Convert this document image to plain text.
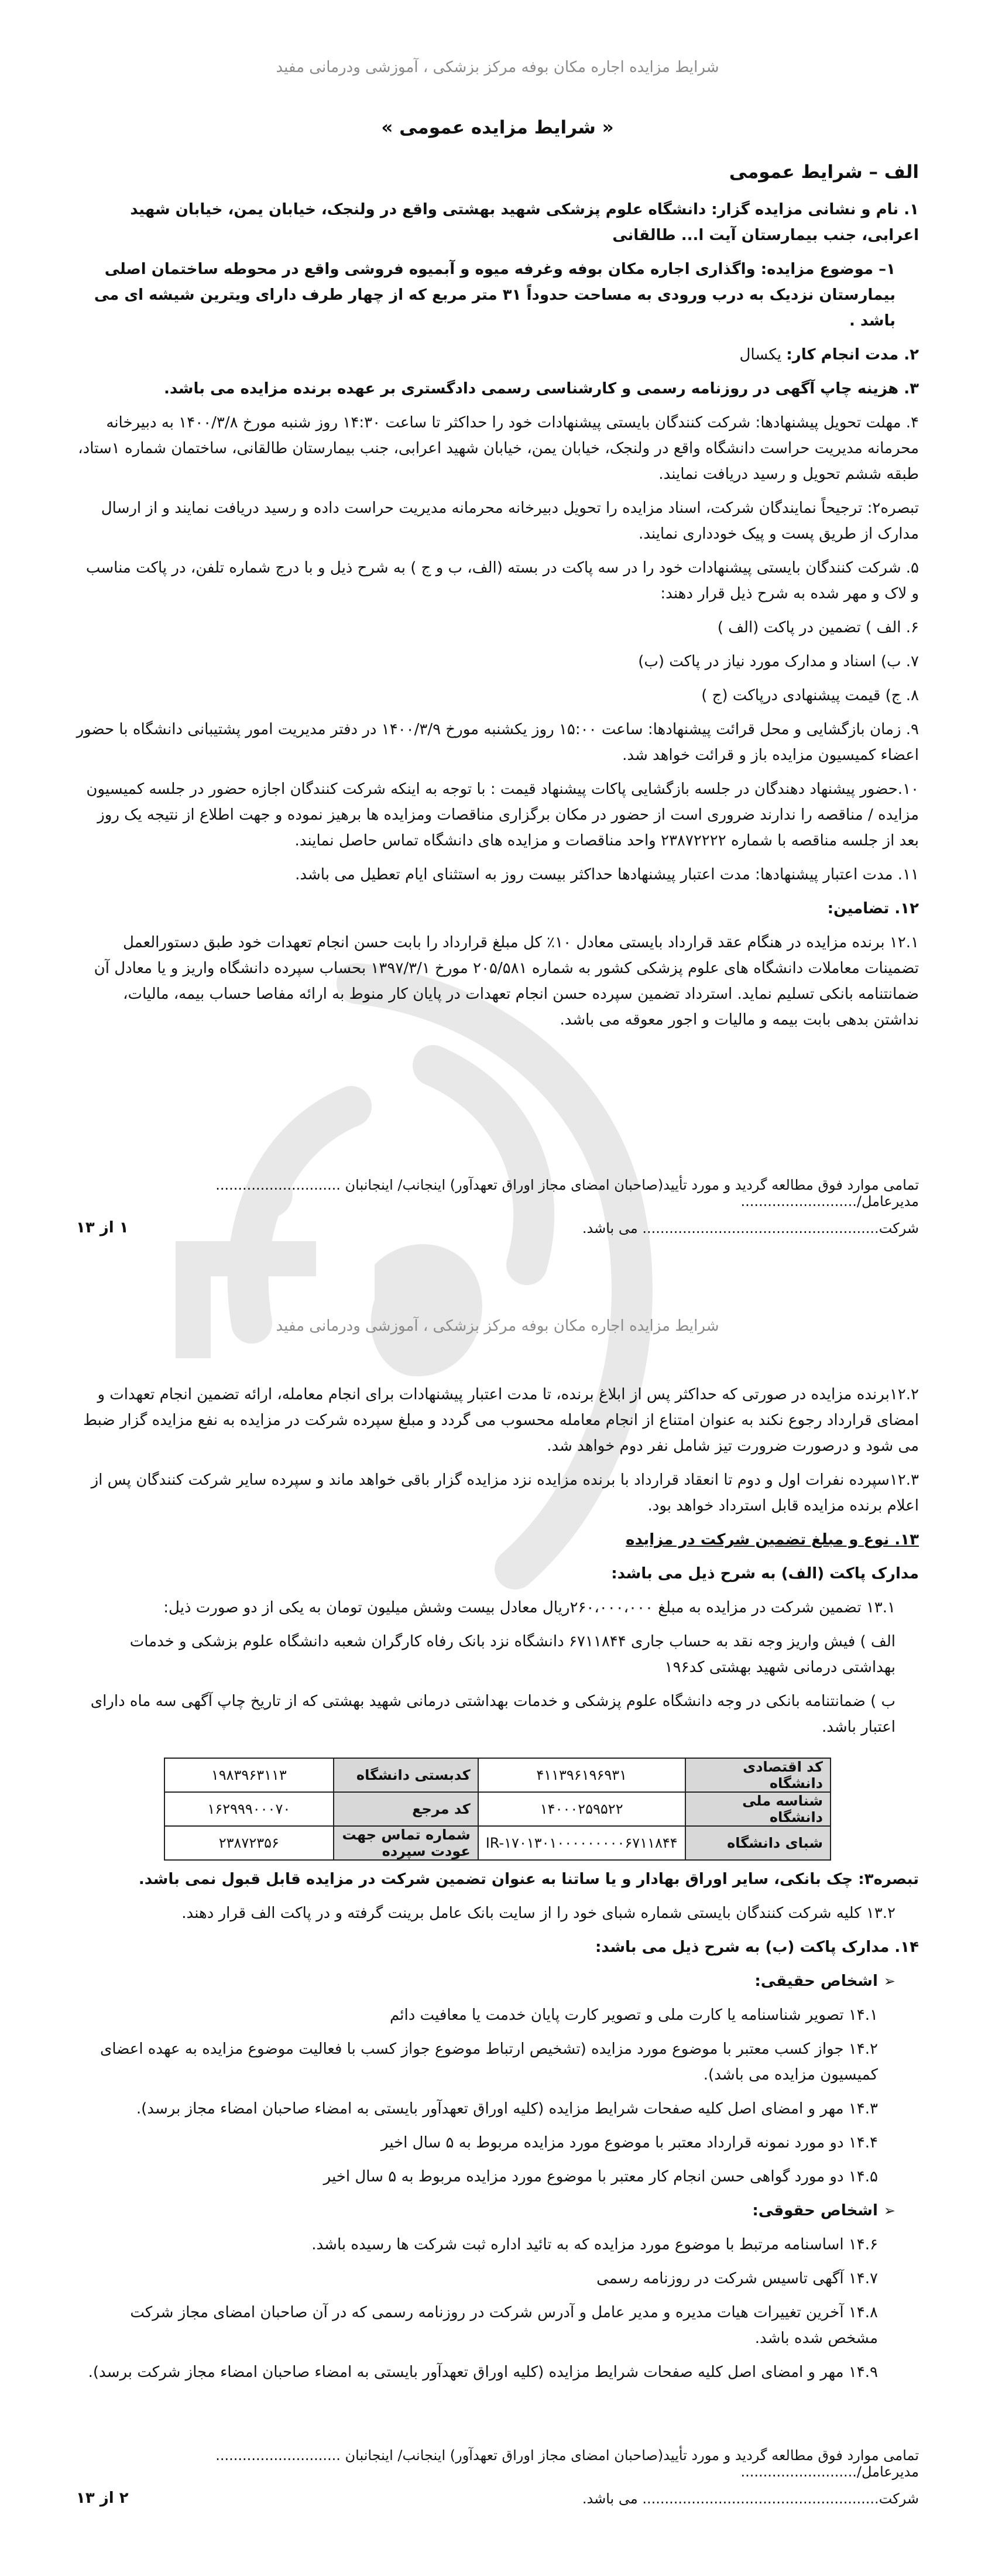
شرایط مزایده اجاره مکان بوفه مرکز بزشکی ، آموزشی ودرمانی مفید
« شرایط مزایده عمومی »
الف – شرایط عمومی

۱. نام و نشانی مزایده گزار: دانشگاه علوم پزشکی شهید بهشتی واقع در ولنجک، خیابان یمن، خیابان شهید اعرابی، جنب بیمارستان آیت ا... طالقانی

۱– موضوع مزایده: واگذاری اجاره مکان بوفه وغرفه میوه و آبمیوه فروشی واقع در محوطه ساختمان اصلی بیمارستان نزدیک به درب ورودی به مساحت حدوداً ۳۱ متر مربع که از چهار طرف دارای ویترین شیشه ای می باشد .

۲. مدت انجام کار: یکسال

۳. هزینه چاپ آگهی در روزنامه رسمی و کارشناسی رسمی دادگستری بر عهده برنده مزایده می باشد.

۴. مهلت تحویل پیشنهادها: شرکت کنندگان بایستی پیشنهادات خود را حداکثر تا ساعت ۱۴:۳۰ روز شنبه مورخ ۱۴۰۰/۳/۸ به دبیرخانه محرمانه مدیریت حراست دانشگاه واقع در ولنجک، خیابان یمن، خیابان شهید اعرابی، جنب بیمارستان طالقانی، ساختمان شماره ۱ستاد، طبقه ششم تحویل و رسید دریافت نمایند.

تبصره۲: ترجیحاً نمایندگان شرکت، اسناد مزایده را تحویل دبیرخانه محرمانه مدیریت حراست داده و رسید دریافت نمایند و از ارسال مدارک از طریق پست و پیک خودداری نمایند.

۵. شرکت کنندگان بایستی پیشنهادات خود را در سه پاکت در بسته (الف، ب و ج ) به شرح ذیل و با درج شماره تلفن، در پاکت مناسب و لاک و مهر شده به شرح ذیل قرار دهند:

۶. الف ) تضمین در پاکت (الف )

۷. ب) اسناد و مدارک مورد نیاز در پاکت (ب)

۸. ج) قیمت پیشنهادی درپاکت (ج )

۹. زمان بازگشایی و محل قرائت پیشنهادها: ساعت ۱۵:۰۰ روز یکشنبه مورخ ۱۴۰۰/۳/۹ در دفتر مدیریت امور پشتیبانی دانشگاه با حضور اعضاء کمیسیون مزایده باز و قرائت خواهد شد.

۱۰.حضور پیشنهاد دهندگان در جلسه بازگشایی پاکات پیشنهاد قیمت : با توجه به اینکه شرکت کنندگان اجازه حضور در جلسه کمیسیون مزایده / مناقصه را ندارند ضروری است از حضور در مکان برگزاری مناقصات ومزایده ها برهیز نموده و جهت اطلاع از نتیجه یک روز بعد از جلسه مناقصه با شماره ۲۳۸۷۲۲۲۲ واحد مناقصات و مزایده های دانشگاه تماس حاصل نمایند.

۱۱. مدت اعتبار پیشنهادها: مدت اعتبار پیشنهادها حداکثر بیست روز به استثنای ایام تعطیل می باشد.

۱۲. تضامین:

۱۲.۱ برنده مزایده در هنگام عقد قرارداد بایستی معادل ۱۰٪ کل مبلغ قرارداد را بابت حسن انجام تعهدات خود طبق دستورالعمل تضمینات معاملات دانشگاه های علوم پزشکی کشور به شماره ۲۰۵/۵۸۱ مورخ ۱۳۹۷/۳/۱ بحساب سپرده دانشگاه واریز و یا معادل آن ضمانتنامه بانکی تسلیم نماید. استرداد تضمین سپرده حسن انجام تعهدات در پایان کار منوط به ارائه مفاصا حساب بیمه، مالیات، نداشتن بدهی بابت بیمه و مالیات و اجور معوقه می باشد.

تمامی موارد فوق مطالعه گردید و مورد تأیید(صاحبان امضای مجاز اوراق تعهدآور) اینجانب/ اینجانبان ............................ مدیرعامل/..........................
شرکت..................................................... می باشد.
۱ از ۱۳
شرایط مزایده اجاره مکان بوفه مرکز بزشکی ، آموزشی ودرمانی مفید

۱۲.۲برنده مزایده در صورتی که حداکثر پس از ابلاغ برنده، تا مدت اعتبار پیشنهادات برای انجام معامله، ارائه تضمین انجام تعهدات و امضای قرارداد رجوع نکند به عنوان امتناع از انجام معامله محسوب می گردد و مبلغ سپرده شرکت در مزایده به نفع مزایده گزار ضبط می شود و درصورت ضرورت تیز شامل نفر دوم خواهد شد.

۱۲.۳سپرده نفرات اول و دوم تا انعقاد قرارداد با برنده مزایده نزد مزایده گزار باقی خواهد ماند و سپرده سایر شرکت کنندگان پس از اعلام برنده مزایده قابل استرداد خواهد بود.

۱۳. نوع و مبلغ تضمین شرکت در مزایده

مدارک پاکت (الف) به شرح ذیل می باشد:

۱۳.۱ تضمین شرکت در مزایده به مبلغ ۲۶۰،۰۰۰،۰۰۰ریال معادل بیست وشش میلیون تومان به یکی از دو صورت ذیل:

الف ) فیش واریز وجه نقد به حساب جاری ۶۷۱۱۸۴۴ دانشگاه نزد بانک رفاه کارگران شعبه دانشگاه علوم بزشکی و خدمات بهداشتی درمانی شهید بهشتی کد۱۹۶

ب ) ضمانتنامه بانکی در وجه دانشگاه علوم پزشکی و خدمات بهداشتی درمانی شهید بهشتی که از تاریخ چاپ آگهی سه ماه دارای اعتبار باشد.

کد اقتصادی دانشگاه	۴۱۱۳۹۶۱۹۶۹۳۱	کدبستی دانشگاه	۱۹۸۳۹۶۳۱۱۳
شناسه ملی دانشگاه	۱۴۰۰۰۲۵۹۵۲۲	کد مرجع	۱۶۲۹۹۹۰۰۰۷۰
شبای دانشگاه	IR-۱۷۰۱۳۰۱۰۰۰۰۰۰۰۰۰۶۷۱۱۸۴۴	شماره تماس جهت عودت سپرده	۲۳۸۷۲۳۵۶

تبصره۳: چک بانکی، سایر اوراق بهادار و یا ساتنا به عنوان تضمین شرکت در مزایده قابل قبول نمی باشد.

۱۳.۲ کلیه شرکت کنندگان بایستی شماره شبای خود را از سایت بانک عامل برینت گرفته و در پاکت الف قرار دهند.

۱۴. مدارک پاکت (ب) به شرح ذیل می باشد:

➢اشخاص حقیقی:

۱۴.۱ تصویر شناسنامه یا کارت ملی و تصویر کارت پایان خدمت یا معافیت دائم

۱۴.۲ جواز کسب معتبر با موضوع مورد مزایده (تشخیص ارتباط موضوع جواز کسب با فعالیت موضوع مزایده به عهده اعضای کمیسیون مزایده می باشد).

۱۴.۳ مهر و امضای اصل کلیه صفحات شرایط مزایده (کلیه اوراق تعهدآور بایستی به امضاء صاحبان امضاء مجاز برسد).

۱۴.۴ دو مورد نمونه قرارداد معتبر با موضوع مورد مزایده مربوط به ۵ سال اخیر

۱۴.۵ دو مورد گواهی حسن انجام کار معتبر با موضوع مورد مزایده مربوط به ۵ سال اخیر

➢اشخاص حقوقی:

۱۴.۶ اساسنامه مرتبط با موضوع مورد مزایده که به تائید اداره ثبت شرکت ها رسیده باشد.

۱۴.۷ آگهی تاسیس شرکت در روزنامه رسمی

۱۴.۸ آخرین تغییرات هیات مدیره و مدیر عامل و آدرس شرکت در روزنامه رسمی که در آن صاحبان امضای مجاز شرکت مشخص شده باشد.

۱۴.۹ مهر و امضای اصل کلیه صفحات شرایط مزایده (کلیه اوراق تعهدآور بایستی به امضاء صاحبان امضاء مجاز شرکت برسد).

تمامی موارد فوق مطالعه گردید و مورد تأیید(صاحبان امضای مجاز اوراق تعهدآور) اینجانب/ اینجانبان ............................ مدیرعامل/..........................
شرکت..................................................... می باشد.
۲ از ۱۳
